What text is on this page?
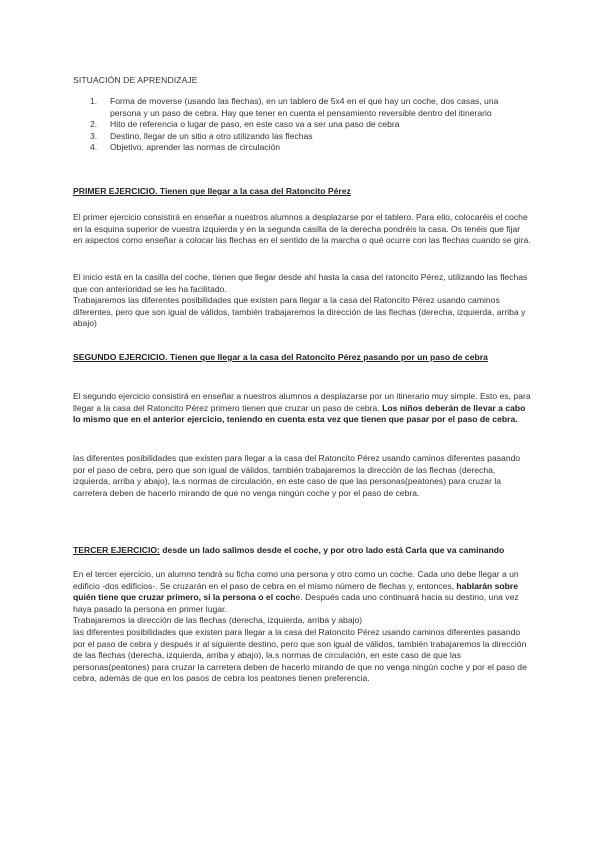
SITUACIÓN DE APRENDIZAJE
1. Forma de moverse (usando las flechas), en un tablero de 5x4 en el que hay un coche, dos casas, una persona y un paso de cebra. Hay que tener en cuenta el pensamiento reversible dentro del itinerario
2. Hito de referencia o lugar de paso, en este caso va a ser una paso de cebra
3. Destino, llegar de un sitio a otro utilizando las flechas
4. Objetivo, aprender las normas de circulación
PRIMER EJERCICIO. Tienen que llegar a la casa del Ratoncito Pérez

El primer ejercicio consistirá en enseñar a nuestros alumnos a desplazarse por el tablero. Para ello, colocaréis el coche en la esquina superior de vuestra izquierda y en la segunda casilla de la derecha pondréis la casa. Os tenéis que fijar en aspectos como enseñar a colocar las flechas en el sentido de la marcha o qué ocurre con las flechas cuando se gira.

El inicio está en la casilla del coche, tienen que llegar desde ahí hasta la casa del ratoncito Pérez, utilizando las flechas que con anterioridad se les ha facilitado.

Trabajaremos las diferentes posibilidades que existen para llegar a la casa del Ratoncito Pérez usando caminos diferentes, pero que son igual de válidos, también trabajaremos la dirección de las flechas (derecha, izquierda, arriba y abajo)

SEGUNDO EJERCICIO. Tienen que llegar a la casa del Ratoncito Pérez pasando por un paso de cebra

El segundo ejercicio consistirá en enseñar a nuestros alumnos a desplazarse por un itinerario muy simple. Esto es, para llegar a la casa del Ratoncito Pérez primero tienen que cruzar un paso de cebra. Los niños deberán de llevar a cabo lo mismo que en el anterior ejercicio, teniendo en cuenta esta vez que tienen que pasar por el paso de cebra.

las diferentes posibilidades que existen para llegar a la casa del Ratoncito Pérez usando caminos diferentes pasando por el paso de cebra, pero que son igual de válidos, también trabajaremos la dirección de las flechas (derecha, izquierda, arriba y abajo), la.s normas de circulación, en este caso de que las personas(peatones) para cruzar la carretera deben de hacerlo mirando de que no venga ningún coche y por el paso de cebra.

TERCER EJERCICIO: desde un lado salimos desde el coche, y por otro lado está Carla que va caminando

En el tercer ejercicio, un alumno tendrá su ficha como una persona y otro como un coche. Cada uno debe llegar a un edificio -dos edificios-. Se cruzarán en el paso de cebra en el mismo número de flechas y, entonces, hablarán sobre quién tiene que cruzar primero, si la persona o el coche. Después cada uno continuará hacia su destino, una vez haya pasado la persona en primer lugar.

Trabajaremos la dirección de las flechas (derecha, izquierda, arriba y abajo)

las diferentes posibilidades que existen para llegar a la casa del Ratoncito Pérez usando caminos diferentes pasando por el paso de cebra y después ir al siguiente destino, pero que son igual de válidos, también trabajaremos la dirección de las flechas (derecha, izquierda, arriba y abajo), la.s normas de circulación, en este caso de que las personas(peatones) para cruzar la carretera deben de hacerlo mirando de que no venga ningún coche y por el paso de cebra, además de que en los pasos de cebra los peatones tienen preferencia.
